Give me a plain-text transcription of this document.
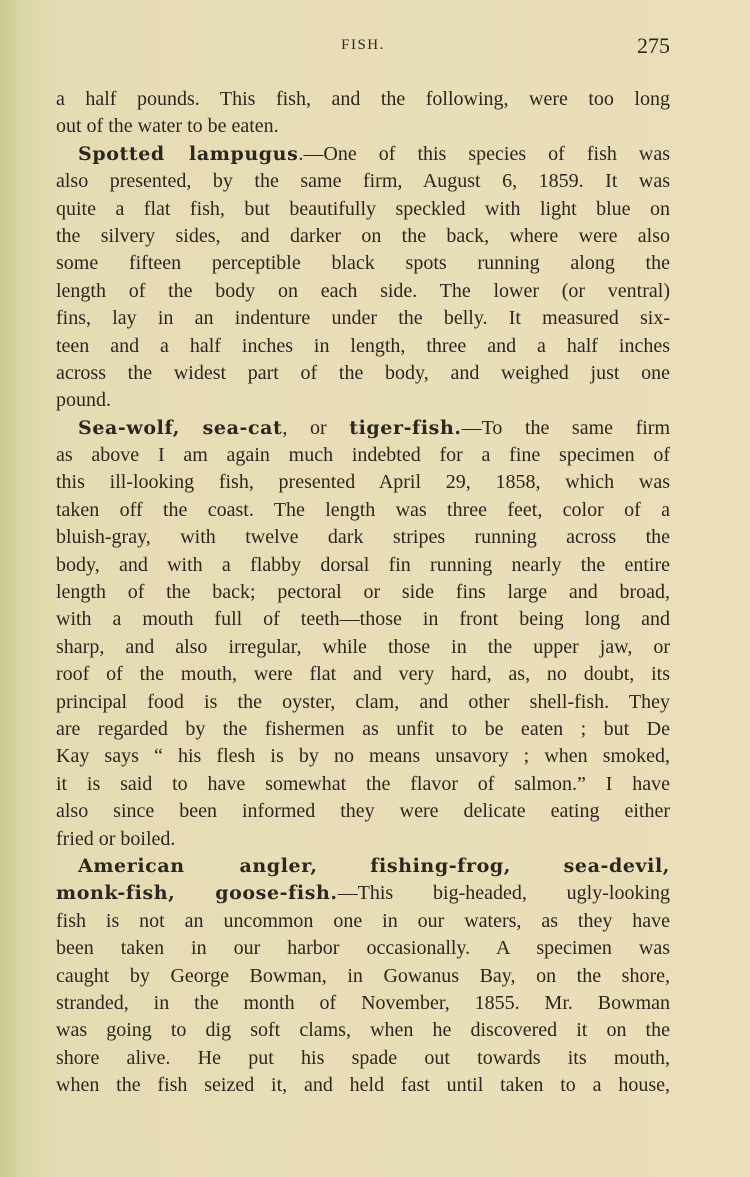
FISH.	275
a half pounds. This fish, and the following, were too long
out of the water to be eaten.
Spotted lampugus.—One of this species of fish was
also presented, by the same firm, August 6, 1859. It was
quite a flat fish, but beautifully speckled with light blue on
the silvery sides, and darker on the back, where were also
some fifteen perceptible black spots running along the
length of the body on each side. The lower (or ventral)
fins, lay in an indenture under the belly. It measured six-
teen and a half inches in length, three and a half inches
across the widest part of the body, and weighed just one
pound.
Sea-wolf, sea-cat, or tiger-fish.—To the same firm
as above I am again much indebted for a fine specimen of
this ill-looking fish, presented April 29, 1858, which was
taken off the coast. The length was three feet, color of a
bluish-gray, with twelve dark stripes running across the
body, and with a flabby dorsal fin running nearly the entire
length of the back; pectoral or side fins large and broad,
with a mouth full of teeth—those in front being long and
sharp, and also irregular, while those in the upper jaw, or
roof of the mouth, were flat and very hard, as, no doubt, its
principal food is the oyster, clam, and other shell-fish. They
are regarded by the fishermen as unfit to be eaten ; but De
Kay says “ his flesh is by no means unsavory ; when smoked,
it is said to have somewhat the flavor of salmon.” I have
also since been informed they were delicate eating either
fried or boiled.
American angler,	fishing-frog,	sea-devil,
monk-fish, goose-fish.—This big-headed, ugly-looking
fish is not an uncommon one in our waters, as they have
been taken in our harbor occasionally. A specimen was
caught by George Bowman, in Gowanus Bay, on the shore,
stranded, in the month of November, 1855. Mr. Bowman
was going to dig soft clams, when he discovered it on the
shore alive. He put his spade out towards its mouth,
when the fish seized it, and held fast until taken to a house,
